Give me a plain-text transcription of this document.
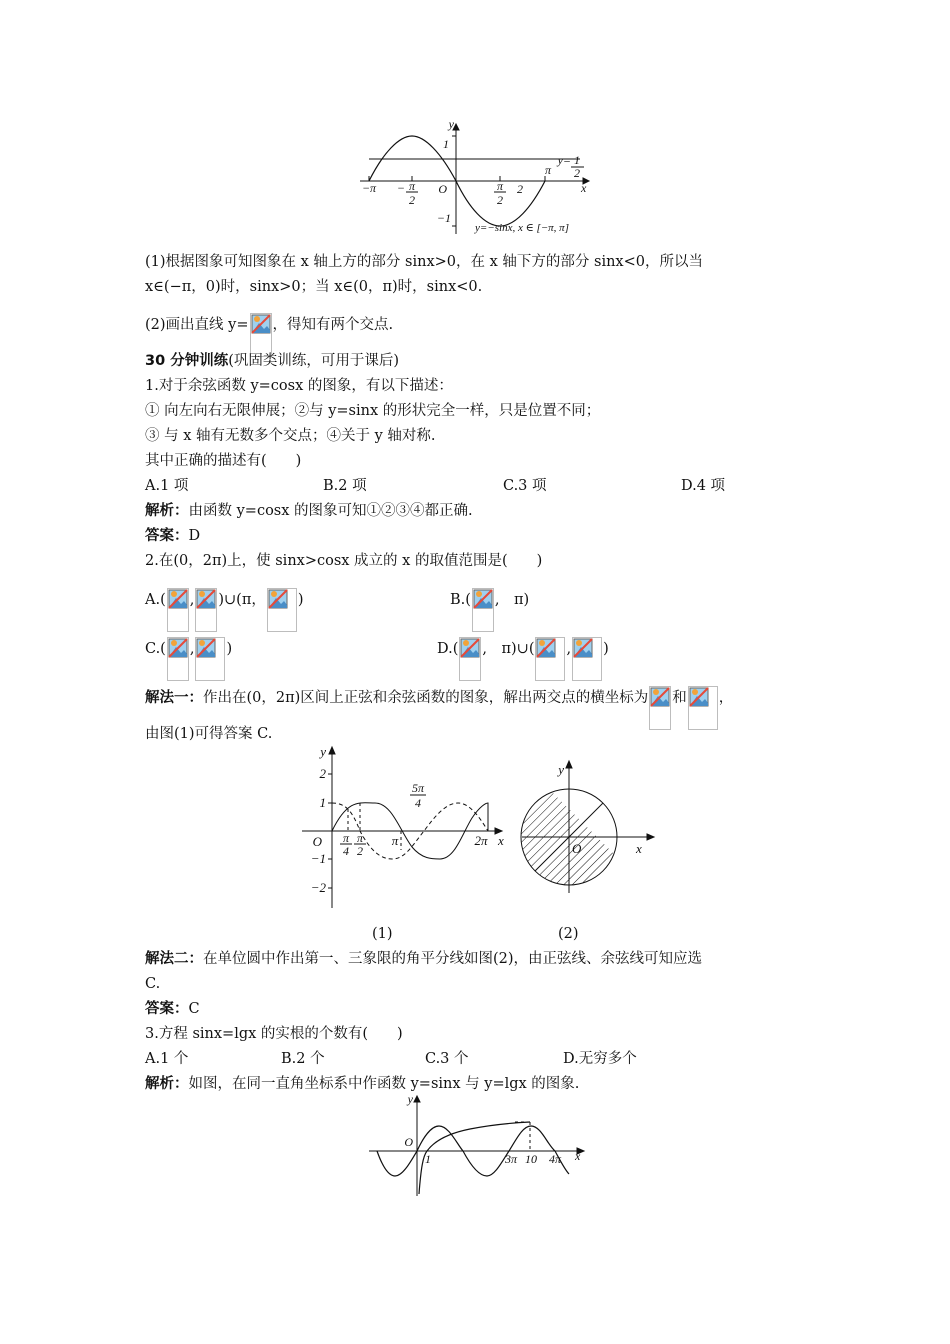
y
x
O
1
−1
−π − π
2
π
2
2
π
y= 1
2
y=−sinx, x ∈ [−π, π]
(1)根据图象可知图象在 x 轴上方的部分 sinx>0，在 x 轴下方的部分 sinx<0，所以当
x∈(−π，0)时，sinx>0；当 x∈(0，π)时，sinx<0.
(2)画出直线 y= ，得知有两个交点.
30 分钟训练(巩固类训练，可用于课后)
1.对于余弦函数 y=cosx 的图象，有以下描述：
① 向左向右无限伸展；②与 y=sinx 的形状完全一样，只是位置不同；
③ 与 x 轴有无数多个交点；④关于 y 轴对称.
其中正确的描述有(　　)
A.1 项	B.2 项	C.3 项	D.4 项
解析：由函数 y=cosx 的图象可知①②③④都正确.
答案：D
2.在(0，2π)上，使 sinx>cosx 成立的 x 的取值范围是(　　)
A.( , )∪(π， )	B.( ,　π)
C.( , )	D.( ,　π)∪( , )
解法一：作出在(0，2π)区间上正弦和余弦函数的图象，解出两交点的横坐标为 和 ，
由图(1)可得答案 C.
y
x
O
2
1
−1
−2
π
4
π
2
π	2π
5π
4
y
x
O
(1)	(2)
解法二：在单位圆中作出第一、三象限的角平分线如图(2)，由正弦线、余弦线可知应选
C.
答案：C
3.方程 sinx=lgx 的实根的个数有(　　)
A.1 个	B.2 个	C.3 个	D.无穷多个
解析：如图，在同一直角坐标系中作函数 y=sinx 与 y=lgx 的图象.
y
x
O
1	3π 10 4π
